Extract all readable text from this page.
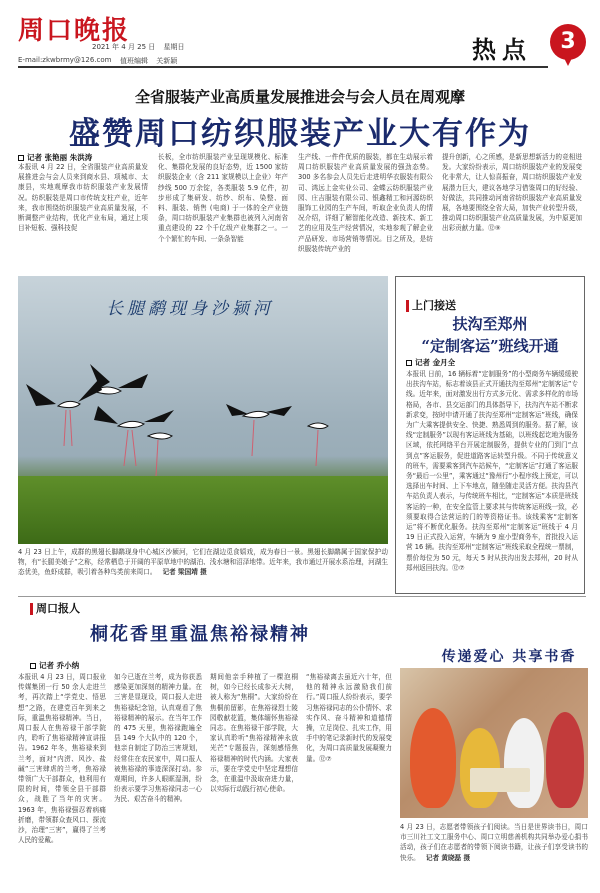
周口晚报
E-mail:zkwbrmy@126.com
2021 年 4 月 25 日 星期日
值班编辑 关新颖	热点	3
全省服装产业高质量发展推进会与会人员在周观摩
盛赞周口纺织服装产业大有作为
记者 张艳丽 朱洪涛
本报讯 4 月 22 日，全省服装产业高质量发展推进会与会人员来到商水县、项城市、太康县，实地观摩我市纺织服装产业发展情况。纺织服装是周口市传统支柱产业，近年来，我市围绕纺织服装产业高质量发展，不断调整产业结构，优化产业布局，通过上项目补短板、强科技促
长板，全市纺织服装产业呈现规模化、标准化、集群化发展的良好态势，近 1500 家纺织服装企业（含 211 家规模以上企业）年产纱线 500 万余锭，各类服装 5.9 亿件，初步形成了集研发、纺纱、织布、染整、面料、服装、销售 (电商) 于一体的全产业链条，周口纺织服装产业集群也被列入河南省重点建设的 22 个千亿级产业集群之一。一个个繁忙的车间、一条条智能
生产线、一件件优质的服装，都在生动展示着周口纺织服装产业高质量发展的强劲态势。300 多名参会人员先后走进明华衣服装有限公司、鸿远上金实业公司、金蝶云纺织服装产业园、庄吉服装有限公司、银鑫精工和河源纺织服饰工业园的生产车间，听取企业负责人的情况介绍，详细了解智能化改造、新技术、新工艺的应用及生产经营情况，实地参观了解企业产品研发、市场营销等情况。目之所及，是纺织服装传统产业的
提升创新，心之所感，是新思想新活力的竞相迸发。大家纷纷表示，周口纺织服装产业的发展变化非常大，让人惊喜振奋，周口纺织服装产业发展潜力巨大，建议各地学习借鉴周口的好经验、好做法，共同推动河南省纺织服装产业高质量发展，各地要围绕全省大局，加快产业转型升级，推动周口纺织服装产业高质量发展，为中原更加出彩贡献力量。⑫⑨
长腿鹬现身沙颍河
4 月 23 日上午，成群的黑翅长脚鹬现身中心城区沙颍河，它们在湖边觅食嬉戏，成为春日一景。黑翅长脚鹬属于国家保护动物，有“长腿美娘子”之称，经常栖息于开阔的平原草地中的湖泊、浅水塘和沼泽地带。近年来，我市通过开展水系治理，河湖生态优美，鱼虾成群，吸引着各种鸟类前来周口。 记者 梁国靖 摄
上门接送
扶沟至郑州
“定制客运”班线开通
记者 金月全
本报讯 日前，16 辆标着“定制服务”的小型商务车辆缓缓驶出扶沟车站，标志着该县正式开通扶沟至郑州“定制客运”专线。近年来，面对激发出行方式多元化、需求多样化的市场格局，各市、县交运部门的具体指导下，扶沟汽车站不断求新求变，按时申请开通了扶沟至郑州“定制客运”班线，确保为广大乘客提供安全、快捷、熟悉周到的服务。据了解，该线“定制服务”以现有客运班线为基础，以班线起讫地为服务区域，依托网络平台开展定制服务，提供专业的门到门“点到点”客运服务，促进道路客运转型升级。不同于传统意义的班车，需要乘客到汽车站候车，“定制客运”打通了客运服务“最后一公里”，乘客通过“豫州行”小程序线上预定，可以选择出车时间、上下车地点，随坐随走灵活方便。扶沟县汽车站负责人表示，与传统班车相比，“定制客运”本质是班线客运的一种，在安全监管上要求其与传统客运班线一致，必须要取得合法营运的门的等资格证书。该线乘客“定制客运”将不断优化服务。扶沟至郑州“定制客运”班线于 4 月 19 日正式投入运营，车辆为 9 座小型商务车，首批投入运营 16 辆。扶沟至郑州“定制客运”班线采取全程统一票制，票价每位为 50 元，每天 5 时从扶沟出发去郑州，20 时从郑州返回扶沟。⑫⑦
周口报人
桐花香里重温焦裕禄精神
记者 乔小纳
本报讯 4 月 23 日，周口报业传媒集团一行 50 余人走进兰考，再次踏上“学党史、悟思想”之路，在建党百年到来之际，重温焦裕禄精神。当日，周口报人在焦裕禄干部学院内，聆听了焦裕禄精神宣讲报告。1962 年冬，焦裕禄来到兰考，面对“内涝、风沙、盐碱”三害肆虐的兰考，焦裕禄带领广大干部群众，他利用有限的时间，带领全县干部群众，战胜了当年的灾害。1963 年，焦裕禄强忍着病痛折磨，带领群众查风口、探流沙，治理“三害”，赢得了兰考人民的爱戴。
如今已逝在兰考，成为你获悉感染更加深刻的精神力量。在三害是显现设，周口报人走进焦裕禄纪念馆，认真观看了焦裕禄精神的展示。在当年工作的 475 天里，焦裕禄跑遍全县 149 个大队中的 120 个，他亲自制定了防治三害规划，经常住在农民家中，周口报人被焦裕禄的事迹深深打动。参观期间，许多人眼眶湿润，纷纷表示要学习焦裕禄同志一心为民、艰苦奋斗的精神。
期间他亲手种植了一棵泡桐树，如今已经长成参天大树，被人称为“焦桐”。大家纷纷在焦桐前留影，在焦裕禄烈士陵园敬献花篮，集体缅怀焦裕禄同志。在焦裕禄干部学院，大家认真聆听“焦裕禄精神永放光芒”专题报告，深刻感悟焦裕禄精神的时代内涵。大家表示，要在学党史中坚定理想信念，在重温中汲取奋进力量，以实际行动践行初心使命。
“焦裕禄离去虽近六十年，但他的精神永远激励我们前行。”周口报人纷纷表示，要学习焦裕禄同志的公仆情怀、求实作风、奋斗精神和道德情操，立足岗位、扎实工作，用手中的笔记录新时代的发展变化，为周口高质量发展凝聚力量。⑫⑦
传递爱心 共享书香
4 月 23 日，志愿者带领孩子们阅读。当日是世界读书日，周口市三川社工文工服务中心、周口立明慈善机构共同举办爱心捐书活动，孩子们在志愿者的带领下阅读书籍，让孩子们享受读书的快乐。 记者 黄晓磊 摄
